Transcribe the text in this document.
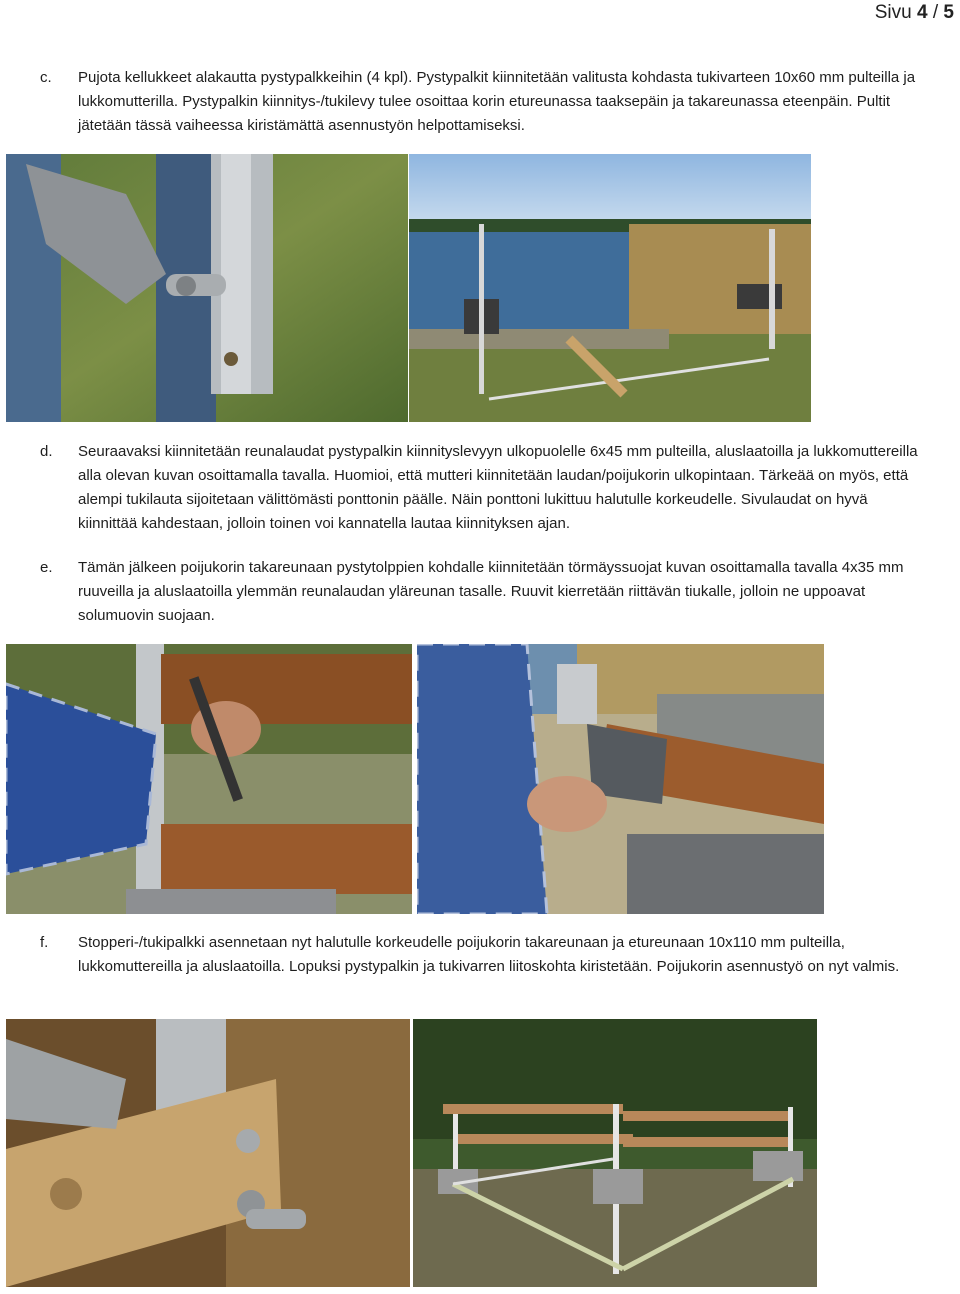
Sivu 4 / 5
c. Pujota kellukkeet alakautta pystypalkkeihin (4 kpl). Pystypalkit kiinnitetään valitusta kohdasta tukivarteen 10x60 mm pulteilla ja lukkomutterilla. Pystypalkin kiinnitys-/tukilevy tulee osoittaa korin etureunassa taaksepäin ja takareunassa eteenpäin. Pultit jätetään tässä vaiheessa kiristämättä asennustyön helpottamiseksi.
d. Seuraavaksi kiinnitetään reunalaudat pystypalkin kiinnityslevyyn ulkopuolelle 6x45 mm pulteilla, aluslaatoilla ja lukkomuttereilla alla olevan kuvan osoittamalla tavalla. Huomioi, että mutteri kiinnitetään laudan/poijukorin ulkopintaan. Tärkeää on myös, että alempi tukilauta sijoitetaan välittömästi ponttonin päälle. Näin ponttoni lukittuu halutulle korkeudelle. Sivulaudat on hyvä kiinnittää kahdestaan, jolloin toinen voi kannatella lautaa kiinnityksen ajan.
e. Tämän jälkeen poijukorin takareunaan pystytolppien kohdalle kiinnitetään törmäyssuojat kuvan osoittamalla tavalla 4x35 mm ruuveilla ja aluslaatoilla ylemmän reunalaudan yläreunan tasalle. Ruuvit kierretään riittävän tiukalle, jolloin ne uppoavat solumuovin suojaan.
f. Stopperi-/tukipalkki asennetaan nyt halutulle korkeudelle poijukorin takareunaan ja etureunaan 10x110 mm pulteilla, lukkomuttereilla ja aluslaatoilla. Lopuksi pystypalkin ja tukivarren liitoskohta kiristetään. Poijukorin asennustyö on nyt valmis.
